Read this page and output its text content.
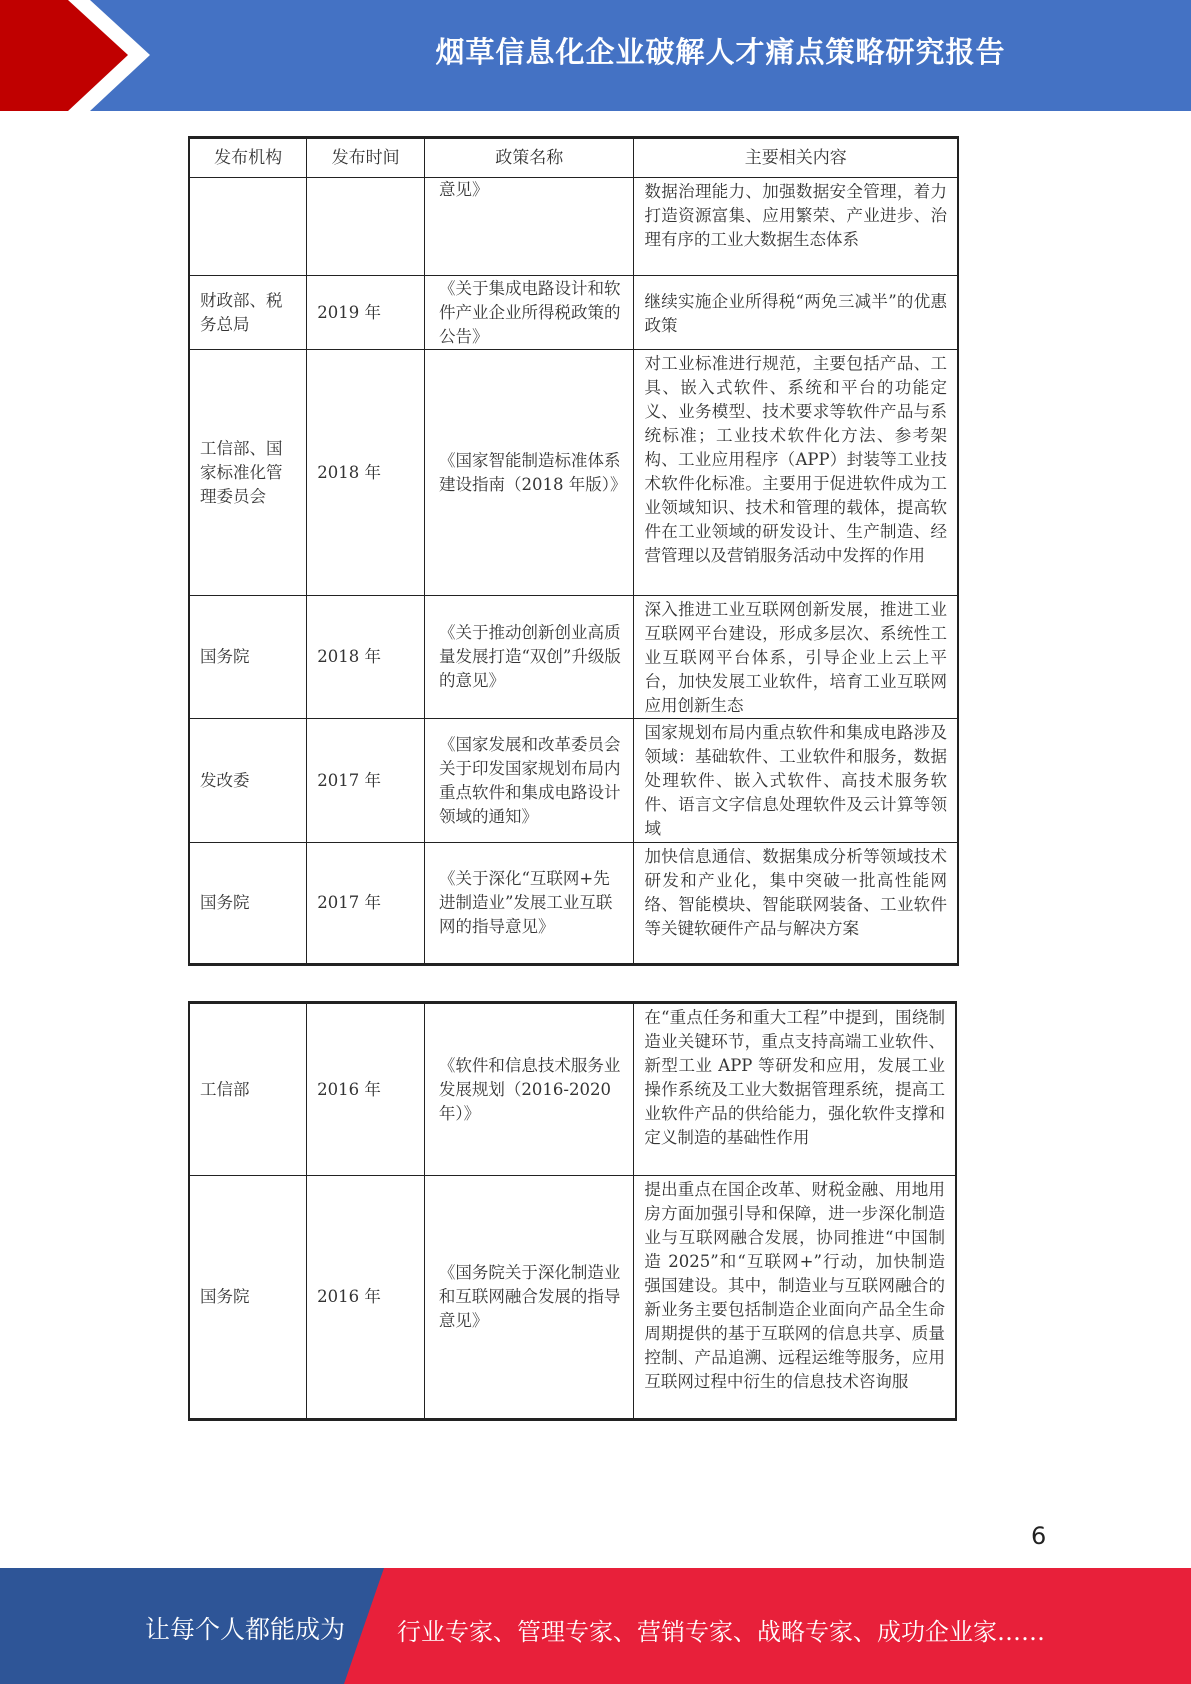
烟草信息化企业破解人才痛点策略研究报告
发布机构	发布时间	政策名称	主要相关内容
		意见》	数据治理能力、加强数据安全管理，着力打造资源富集、应用繁荣、产业进步、治理有序的工业大数据生态体系
财政部、税务总局	2019 年	《关于集成电路设计和软件产业企业所得税政策的公告》	继续实施企业所得税“两免三减半”的优惠政策
工信部、国家标准化管理委员会	2018 年	《国家智能制造标准体系建设指南（2018 年版）》	对工业标准进行规范，主要包括产品、工具、嵌入式软件、系统和平台的功能定义、业务模型、技术要求等软件产品与系统标准；工业技术软件化方法、参考架构、工业应用程序（APP）封装等工业技术软件化标准。主要用于促进软件成为工业领域知识、技术和管理的载体，提高软件在工业领域的研发设计、生产制造、经营管理以及营销服务活动中发挥的作用
国务院	2018 年	《关于推动创新创业高质量发展打造“双创”升级版的意见》	深入推进工业互联网创新发展，推进工业互联网平台建设，形成多层次、系统性工业互联网平台体系，引导企业上云上平台，加快发展工业软件，培育工业互联网应用创新生态
发改委	2017 年	《国家发展和改革委员会关于印发国家规划布局内重点软件和集成电路设计领域的通知》	国家规划布局内重点软件和集成电路涉及领域：基础软件、工业软件和服务，数据处理软件、嵌入式软件、高技术服务软件、语言文字信息处理软件及云计算等领域
国务院	2017 年	《关于深化“互联网+先进制造业”发展工业互联网的指导意见》	加快信息通信、数据集成分析等领域技术研发和产业化，集中突破一批高性能网络、智能模块、智能联网装备、工业软件等关键软硬件产品与解决方案
工信部	2016 年	《软件和信息技术服务业发展规划（2016-2020 年）》	在“重点任务和重大工程”中提到，围绕制造业关键环节，重点支持高端工业软件、新型工业 APP 等研发和应用，发展工业操作系统及工业大数据管理系统，提高工业软件产品的供给能力，强化软件支撑和定义制造的基础性作用
国务院	2016 年	《国务院关于深化制造业和互联网融合发展的指导意见》	提出重点在国企改革、财税金融、用地用房方面加强引导和保障，进一步深化制造业与互联网融合发展，协同推进“中国制造 2025”和“互联网+”行动，加快制造强国建设。其中，制造业与互联网融合的新业务主要包括制造企业面向产品全生命周期提供的基于互联网的信息共享、质量控制、产品追溯、远程运维等服务，应用互联网过程中衍生的信息技术咨询服
6
让每个人都能成为 行业专家、管理专家、营销专家、战略专家、成功企业家……
